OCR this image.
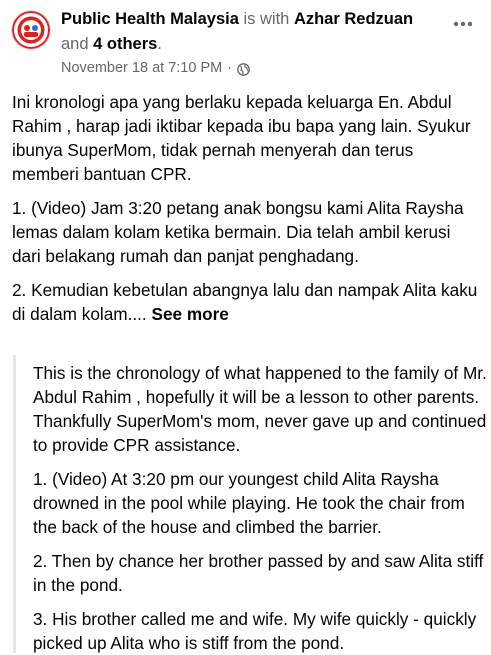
Public Health Malaysia is with Azhar Redzuan and 4 others.
November 18 at 7:10 PM ·

Ini kronologi apa yang berlaku kepada keluarga En. Abdul Rahim , harap jadi iktibar kepada ibu bapa yang lain. Syukur ibunya SuperMom, tidak pernah menyerah dan terus memberi bantuan CPR.

1. (Video) Jam 3:20 petang anak bongsu kami Alita Raysha lemas dalam kolam ketika bermain. Dia telah ambil kerusi dari belakang rumah dan panjat penghadang.

2. Kemudian kebetulan abangnya lalu dan nampak Alita kaku di dalam kolam.... See more

This is the chronology of what happened to the family of Mr. Abdul Rahim , hopefully it will be a lesson to other parents. Thankfully SuperMom's mom, never gave up and continued to provide CPR assistance.

1. (Video) At 3:20 pm our youngest child Alita Raysha drowned in the pool while playing. He took the chair from the back of the house and climbed the barrier.

2. Then by chance her brother passed by and saw Alita stiff in the pond.

3. His brother called me and wife. My wife quickly - quickly picked up Alita who is stiff from the pond.
